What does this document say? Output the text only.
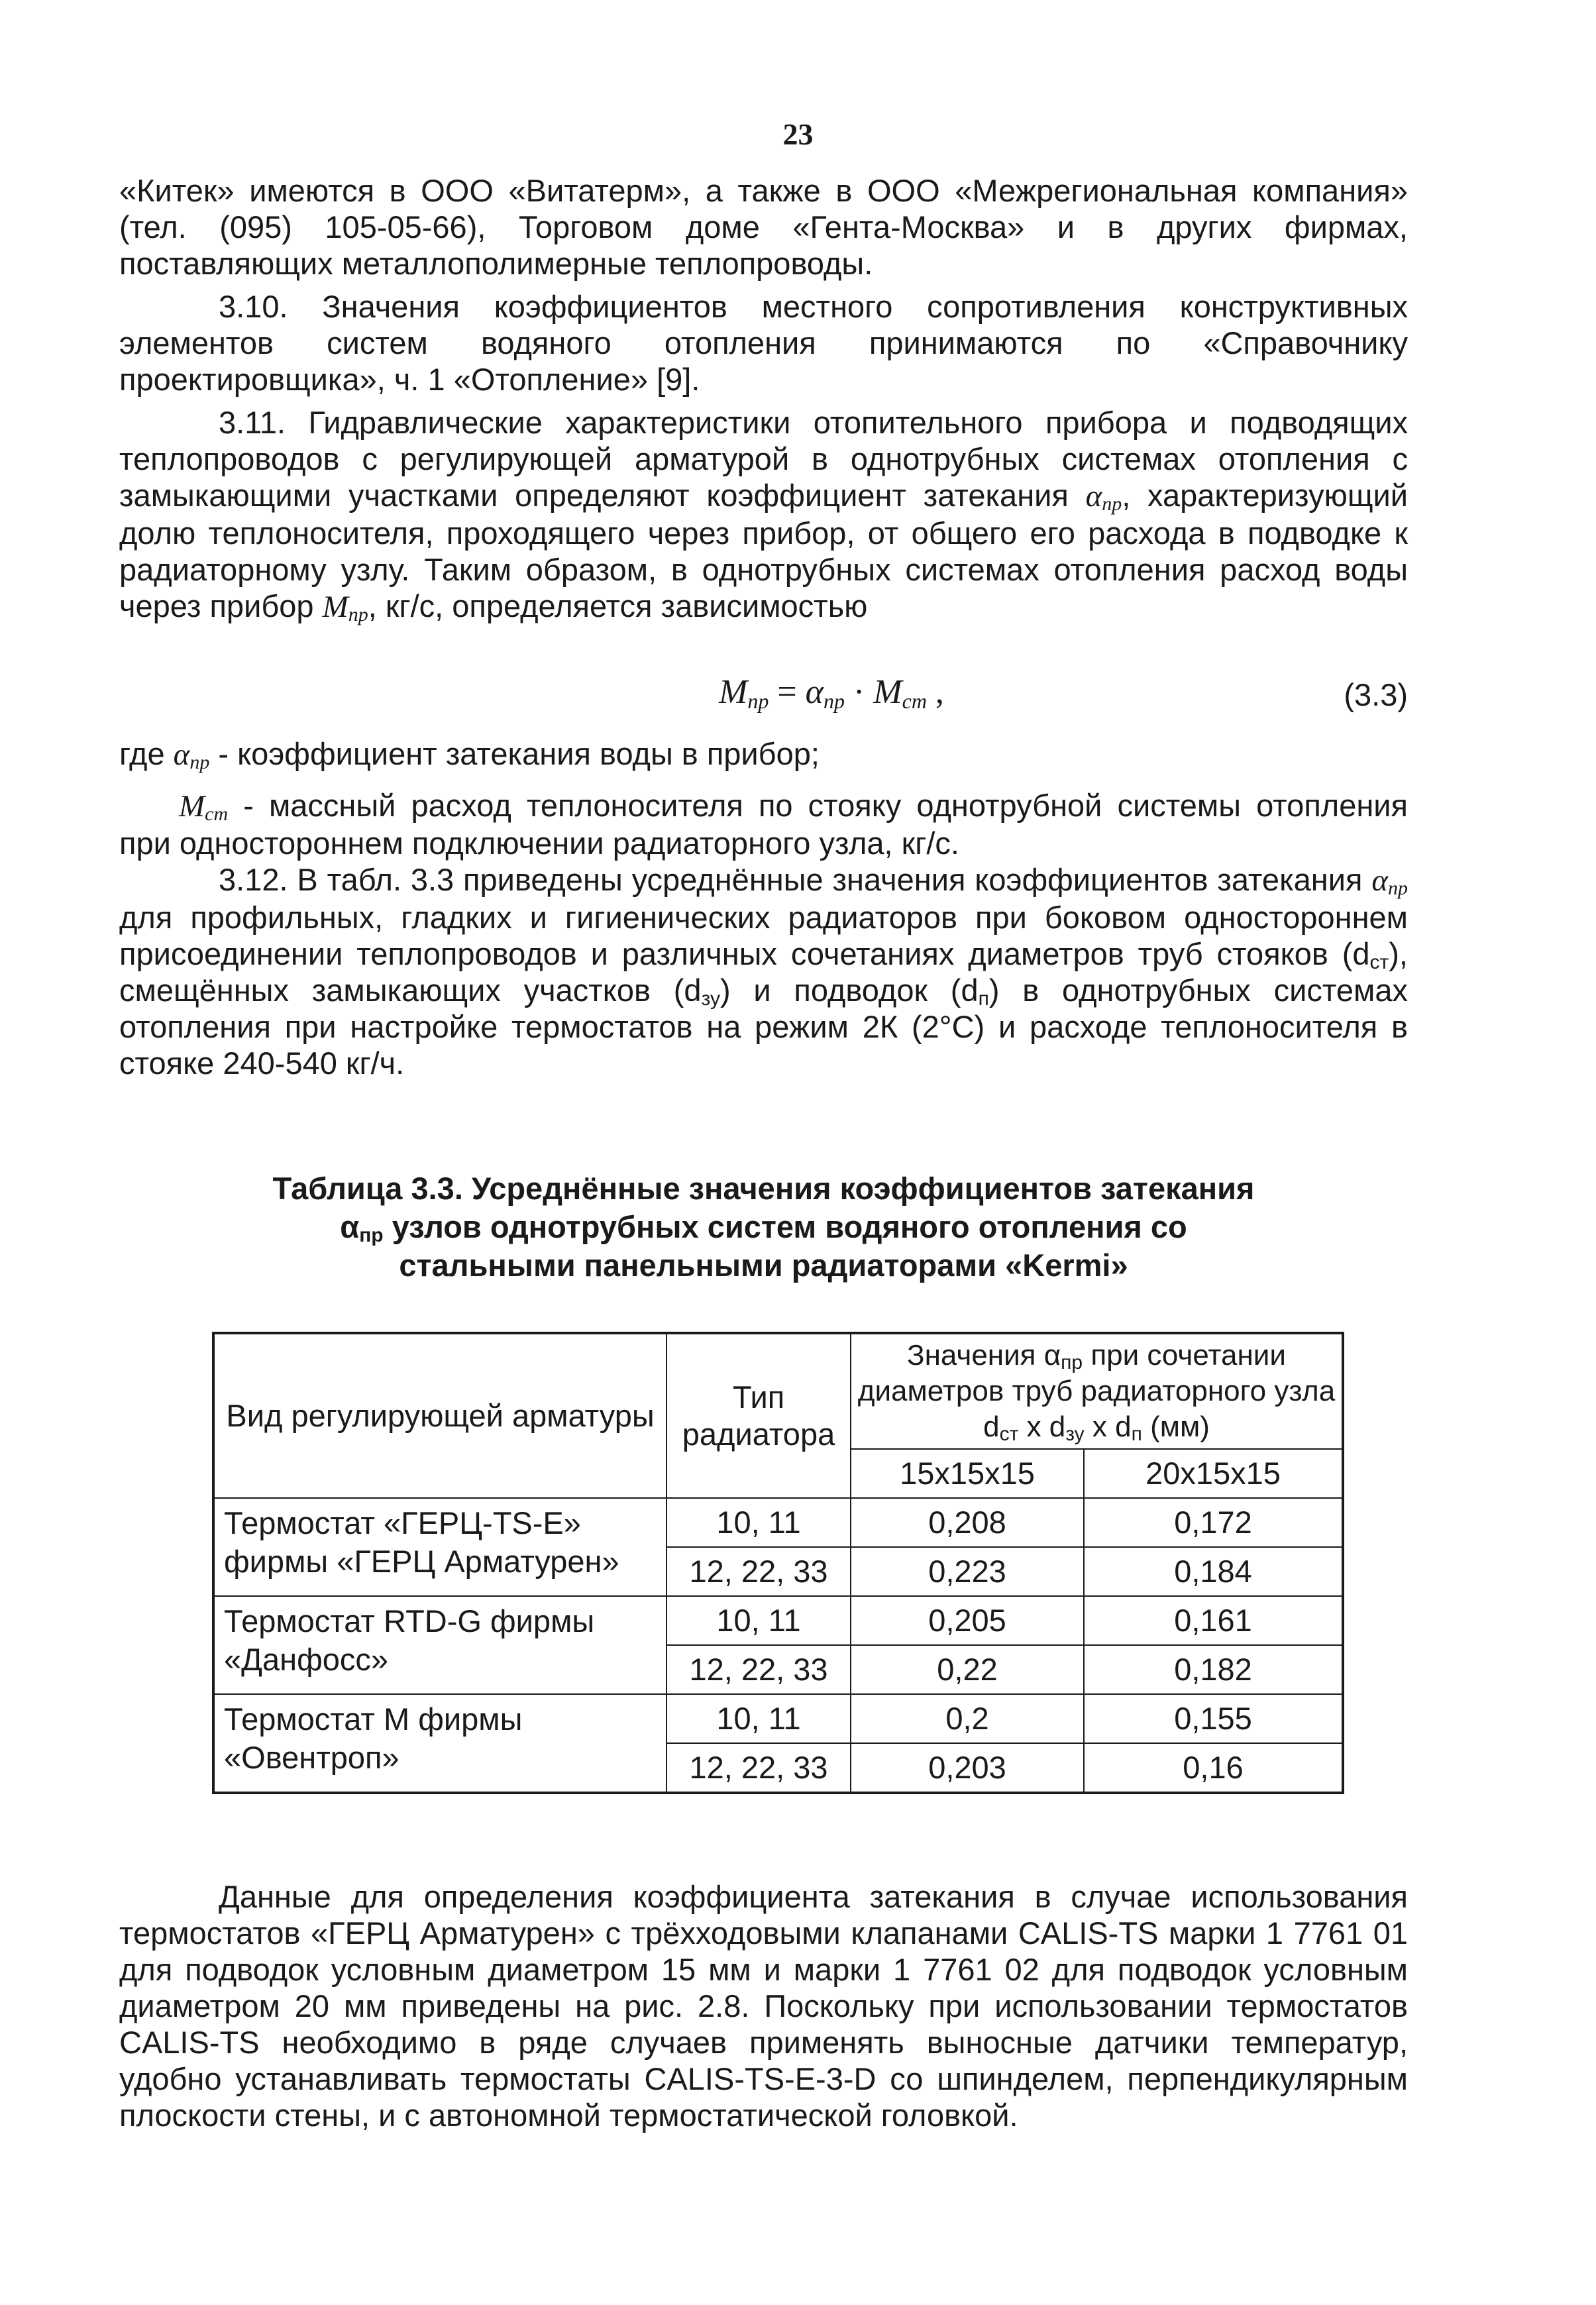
23

«Китек» имеются в ООО «Витатерм», а также в ООО «Межрегиональная компания» (тел. (095) 105-05-66), Торговом доме «Гента-Москва» и в других фирмах, поставляющих металлополимерные теплопроводы.

3.10. Значения коэффициентов местного сопротивления конструктивных элементов систем водяного отопления принимаются по «Справочнику проектировщика», ч. 1 «Отопление» [9].

3.11. Гидравлические характеристики отопительного прибора и подводящих теплопроводов с регулирующей арматурой в однотрубных системах отопления с замыкающими участками определяют коэффициент затекания $\alpha_{пр}$, характеризующий долю теплоносителя, проходящего через прибор, от общего его расхода в подводке к радиаторному узлу. Таким образом, в однотрубных системах отопления расход воды через прибор $M_{пр}$, кг/с, определяется зависимостью

$M_{пр} = \alpha_{пр} \cdot M_{ст}$ ,	(3.3)

где $\alpha_{пр}$ - коэффициент затекания воды в прибор;

$M_{ст}$ - массный расход теплоносителя по стояку однотрубной системы отопления при одностороннем подключении радиаторного узла, кг/с.

3.12. В табл. 3.3 приведены усреднённые значения коэффициентов затекания $\alpha_{пр}$ для профильных, гладких и гигиенических радиаторов при боковом одностороннем присоединении теплопроводов и различных сочетаниях диаметров труб стояков $(d_{ст})$, смещённых замыкающих участков $(d_{зу})$ и подводок $(d_п)$ в однотрубных системах отопления при настройке термостатов на режим 2К (2°С) и расходе теплоносителя в стояке 240-540 кг/ч.

Таблица 3.3. Усреднённые значения коэффициентов затекания
$\alpha_{пр}$ узлов однотрубных систем водяного отопления со
стальными панельными радиаторами «Kermi»
Вид регулирующей арматуры	Тип радиатора	Значения $\alpha_{пр}$ при сочетании диаметров труб радиаторного узла $d_{ст}$ x $d_{зу}$ x $d_п$ (мм)	
		15х15х15	20х15х15
Термостат «ГЕРЦ-TS-E» фирмы «ГЕРЦ Арматурен»	10, 11	0,208	0,172
	12, 22, 33	0,223	0,184
Термостат RTD-G фирмы «Данфосс»	10, 11	0,205	0,161
	12, 22, 33	0,22	0,182
Термостат М фирмы «Овентроп»	10, 11	0,2	0,155
	12, 22, 33	0,203	0,16

Данные для определения коэффициента затекания в случае использования термостатов «ГЕРЦ Арматурен» с трёхходовыми клапанами CALIS-TS марки 1 7761 01 для подводок условным диаметром 15 мм и марки 1 7761 02 для подводок условным диаметром 20 мм приведены на рис. 2.8. Поскольку при использовании термостатов CALIS-TS необходимо в ряде случаев применять выносные датчики температур, удобно устанавливать термостаты CALIS-TS-E-3-D со шпинделем, перпендикулярным плоскости стены, и с автономной термостатической головкой.
